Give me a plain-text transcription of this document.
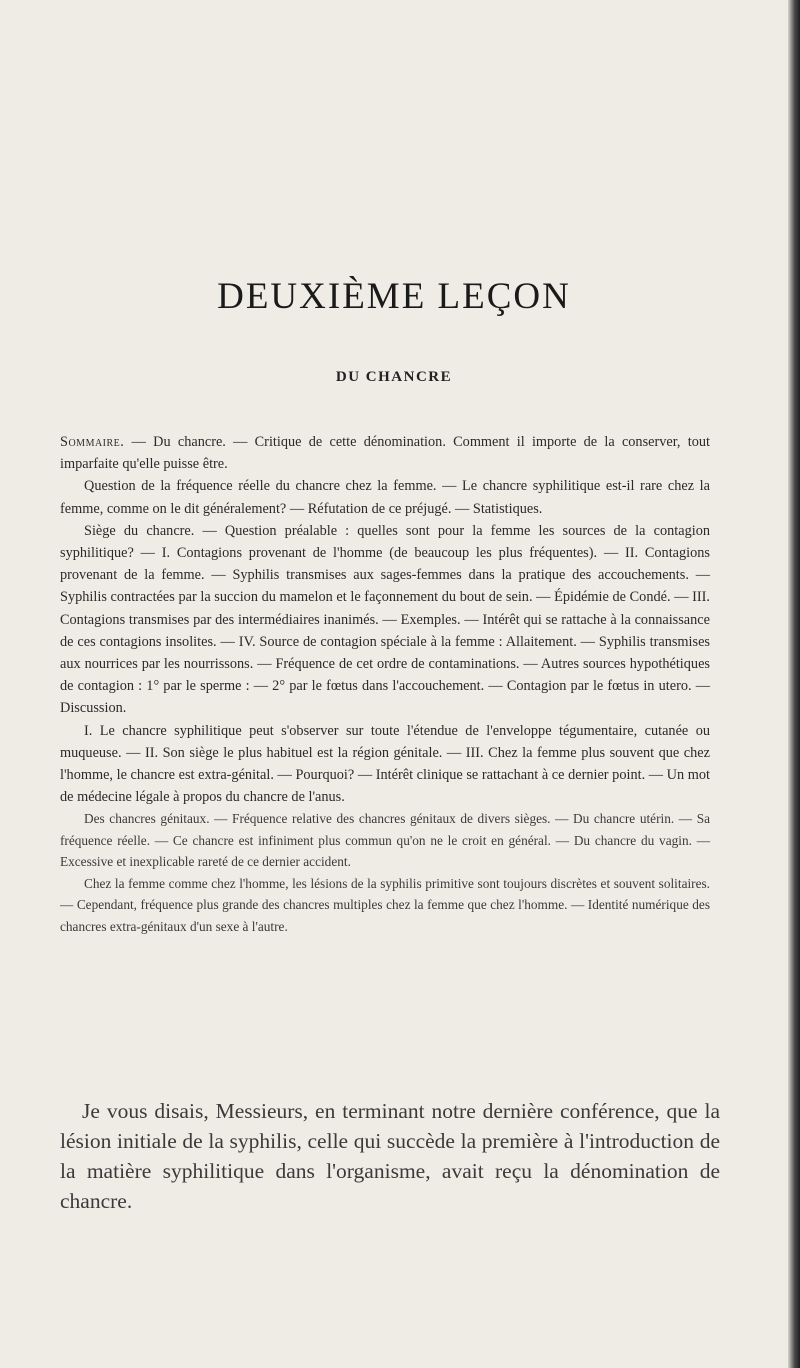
DEUXIÈME LEÇON
DU CHANCRE

Sommaire. — Du chancre. — Critique de cette dénomination. Comment il importe de la conserver, tout imparfaite qu'elle puisse être.

Question de la fréquence réelle du chancre chez la femme. — Le chancre syphilitique est-il rare chez la femme, comme on le dit généralement? — Réfutation de ce préjugé. — Statistiques.

Siège du chancre. — Question préalable : quelles sont pour la femme les sources de la contagion syphilitique? — I. Contagions provenant de l'homme (de beaucoup les plus fréquentes). — II. Contagions provenant de la femme. — Syphilis transmises aux sages-femmes dans la pratique des accouchements. — Syphilis contractées par la succion du mamelon et le façonnement du bout de sein. — Épidémie de Condé. — III. Contagions transmises par des intermédiaires inanimés. — Exemples. — Intérêt qui se rattache à la connaissance de ces contagions insolites. — IV. Source de contagion spéciale à la femme : Allaitement. — Syphilis transmises aux nourrices par les nourrissons. — Fréquence de cet ordre de contaminations. — Autres sources hypothétiques de contagion : 1° par le sperme : — 2° par le fœtus dans l'accouchement. — Contagion par le fœtus in utero. — Discussion.

I. Le chancre syphilitique peut s'observer sur toute l'étendue de l'enveloppe tégumentaire, cutanée ou muqueuse. — II. Son siège le plus habituel est la région génitale. — III. Chez la femme plus souvent que chez l'homme, le chancre est extra-génital. — Pourquoi? — Intérêt clinique se rattachant à ce dernier point. — Un mot de médecine légale à propos du chancre de l'anus.

Des chancres génitaux. — Fréquence relative des chancres génitaux de divers sièges. — Du chancre utérin. — Sa fréquence réelle. — Ce chancre est infiniment plus commun qu'on ne le croit en général. — Du chancre du vagin. — Excessive et inexplicable rareté de ce dernier accident.

Chez la femme comme chez l'homme, les lésions de la syphilis primitive sont toujours discrètes et souvent solitaires. — Cependant, fréquence plus grande des chancres multiples chez la femme que chez l'homme. — Identité numérique des chancres extra-génitaux d'un sexe à l'autre.

Je vous disais, Messieurs, en terminant notre dernière conférence, que la lésion initiale de la syphilis, celle qui succède la première à l'introduction de la matière syphilitique dans l'organisme, avait reçu la dénomination de chancre.
